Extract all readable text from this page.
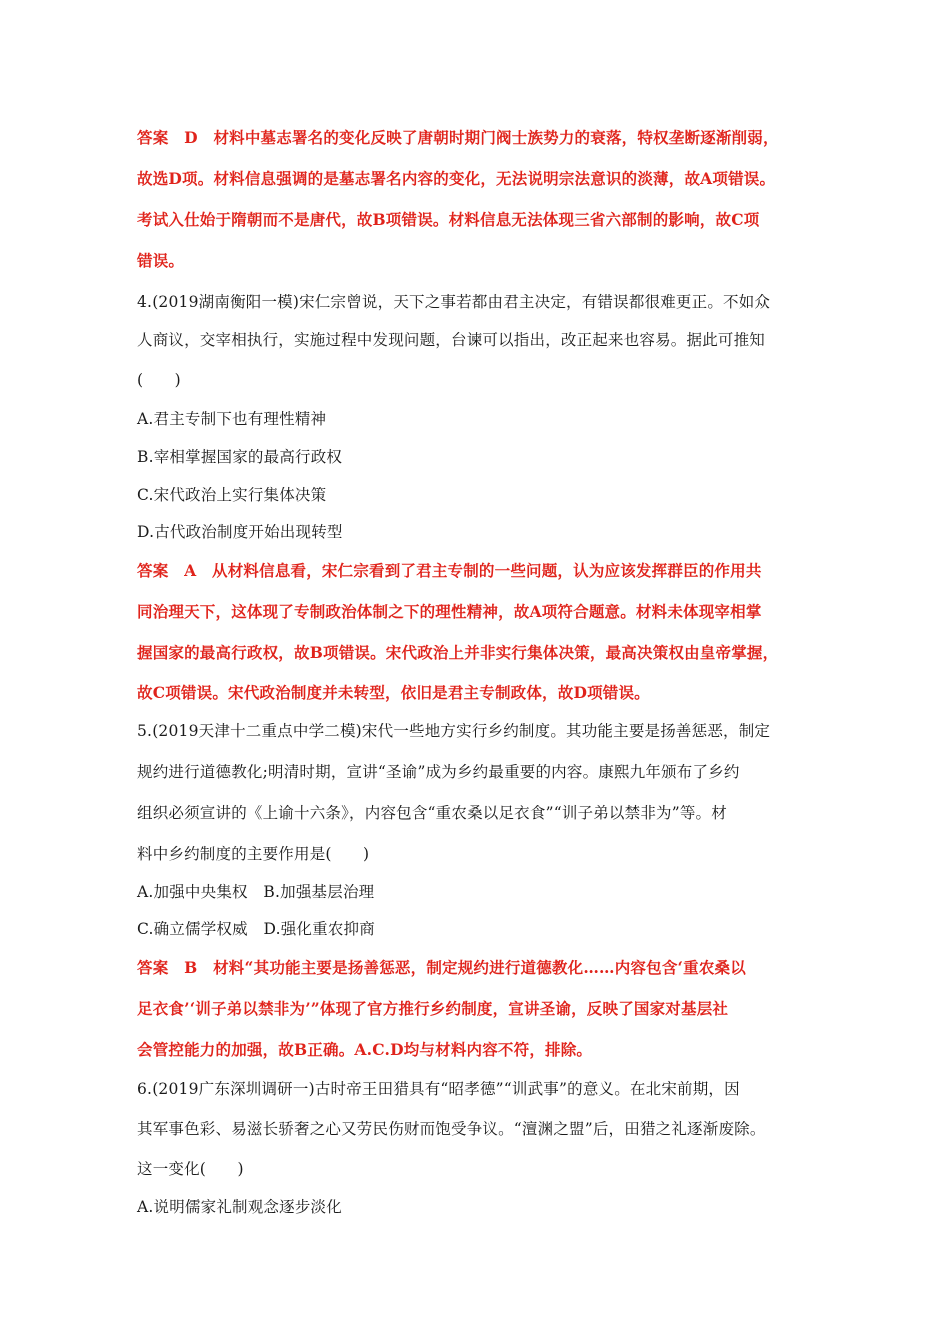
答案　D　材料中墓志署名的变化反映了唐朝时期门阀士族势力的衰落，特权垄断逐渐削弱，
故选D项。材料信息强调的是墓志署名内容的变化，无法说明宗法意识的淡薄，故A项错误。
考试入仕始于隋朝而不是唐代，故B项错误。材料信息无法体现三省六部制的影响，故C项
错误。
4.(2019湖南衡阳一模)宋仁宗曾说，天下之事若都由君主决定，有错误都很难更正。不如众
人商议，交宰相执行，实施过程中发现问题，台谏可以指出，改正起来也容易。据此可推知
(　　)
A.君主专制下也有理性精神
B.宰相掌握国家的最高行政权
C.宋代政治上实行集体决策
D.古代政治制度开始出现转型
答案　A　从材料信息看，宋仁宗看到了君主专制的一些问题，认为应该发挥群臣的作用共
同治理天下，这体现了专制政治体制之下的理性精神，故A项符合题意。材料未体现宰相掌
握国家的最高行政权，故B项错误。宋代政治上并非实行集体决策，最高决策权由皇帝掌握，
故C项错误。宋代政治制度并未转型，依旧是君主专制政体，故D项错误。
5.(2019天津十二重点中学二模)宋代一些地方实行乡约制度。其功能主要是扬善惩恶，制定
规约进行道德教化;明清时期，宣讲“圣谕”成为乡约最重要的内容。康熙九年颁布了乡约
组织必须宣讲的《上谕十六条》，内容包含“重农桑以足衣食”“训子弟以禁非为”等。材
料中乡约制度的主要作用是(　　)
A.加强中央集权　B.加强基层治理
C.确立儒学权威　D.强化重农抑商
答案　B　材料“其功能主要是扬善惩恶，制定规约进行道德教化……内容包含‘重农桑以
足衣食’‘训子弟以禁非为’”体现了官方推行乡约制度，宣讲圣谕，反映了国家对基层社
会管控能力的加强，故B正确。A.C.D均与材料内容不符，排除。
6.(2019广东深圳调研一)古时帝王田猎具有“昭孝德”“训武事”的意义。在北宋前期，因
其军事色彩、易滋长骄奢之心又劳民伤财而饱受争议。“澶渊之盟”后，田猎之礼逐渐废除。
这一变化(　　)
A.说明儒家礼制观念逐步淡化
